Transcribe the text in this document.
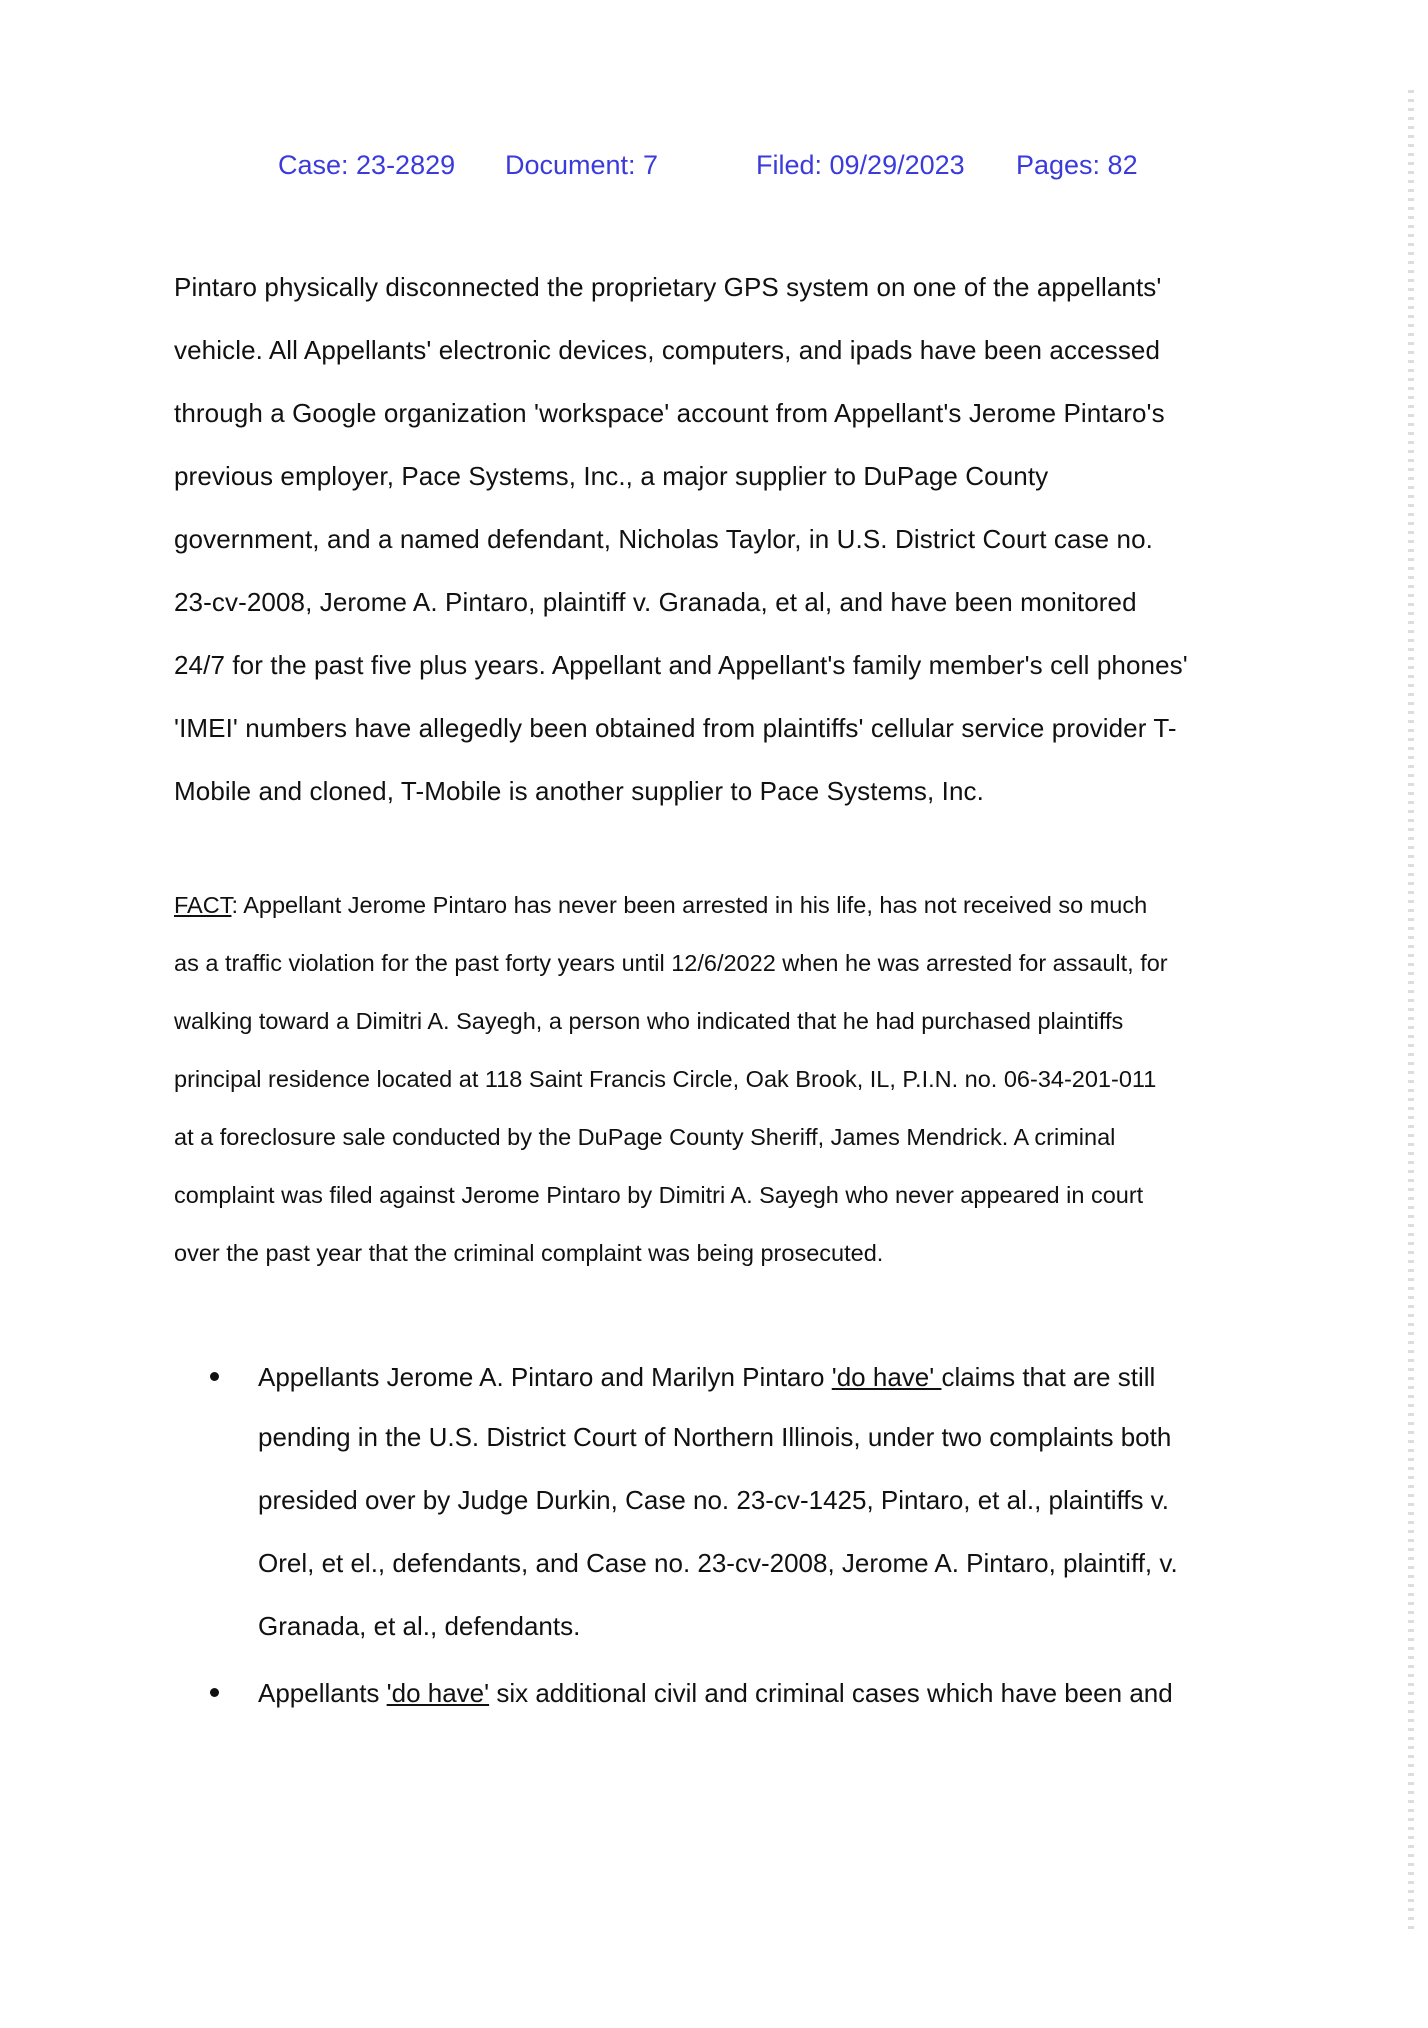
Case: 23-2829 Document: 7	Filed: 09/29/2023 Pages: 82

Pintaro physically disconnected the proprietary GPS system on one of the appellants'

vehicle. All Appellants' electronic devices, computers, and ipads have been accessed

through a Google organization 'workspace' account from Appellant's Jerome Pintaro's

previous employer, Pace Systems, Inc., a major supplier to DuPage County

government, and a named defendant, Nicholas Taylor, in U.S. District Court case no.

23-cv-2008, Jerome A. Pintaro, plaintiff v. Granada, et al, and have been monitored

24/7 for the past five plus years. Appellant and Appellant's family member's cell phones'

'IMEI' numbers have allegedly been obtained from plaintiffs' cellular service provider T-

Mobile and cloned, T-Mobile is another supplier to Pace Systems, Inc.

FACT: Appellant Jerome Pintaro has never been arrested in his life, has not received so much

as a traffic violation for the past forty years until 12/6/2022 when he was arrested for assault, for

walking toward a Dimitri A. Sayegh, a person who indicated that he had purchased plaintiffs

principal residence located at 118 Saint Francis Circle, Oak Brook, IL, P.I.N. no. 06-34-201-011

at a foreclosure sale conducted by the DuPage County Sheriff, James Mendrick. A criminal

complaint was filed against Jerome Pintaro by Dimitri A. Sayegh who never appeared in court

over the past year that the criminal complaint was being prosecuted.

Appellants Jerome A. Pintaro and Marilyn Pintaro 'do have' claims that are still

pending in the U.S. District Court of Northern Illinois, under two complaints both

presided over by Judge Durkin, Case no. 23-cv-1425, Pintaro, et al., plaintiffs v.

Orel, et el., defendants, and Case no. 23-cv-2008, Jerome A. Pintaro, plaintiff, v.

Granada, et al., defendants.

Appellants 'do have' six additional civil and criminal cases which have been and
